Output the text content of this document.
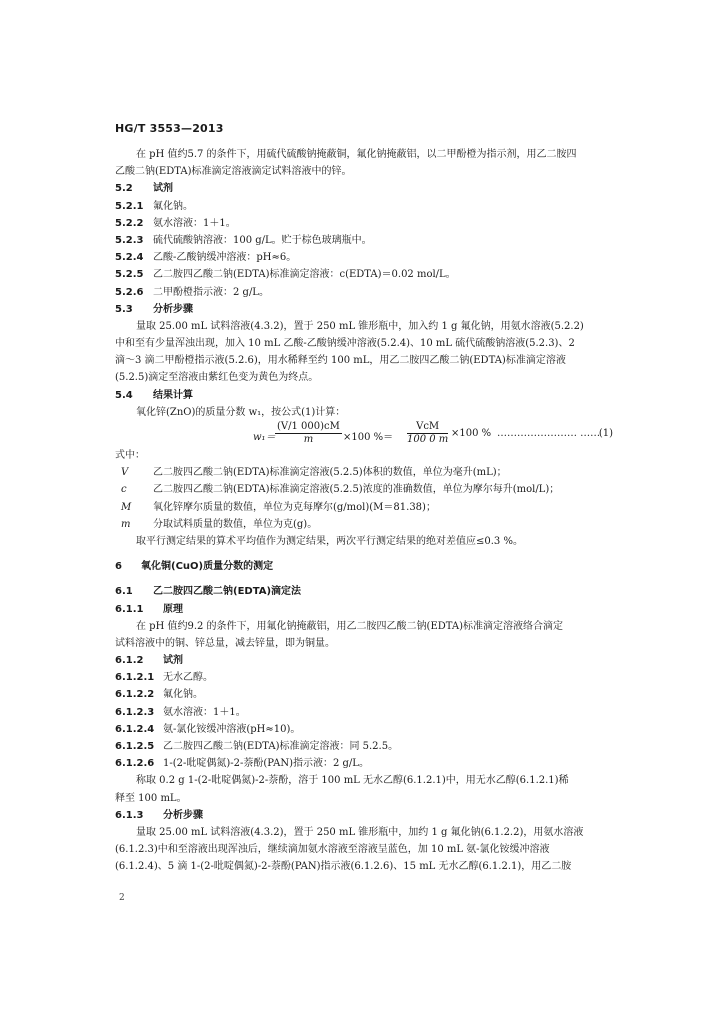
HG/T 3553—2013
在 pH 值约5.7 的条件下，用硫代硫酸钠掩蔽铜，氟化钠掩蔽铝，以二甲酚橙为指示剂，用乙二胺四
乙酸二钠(EDTA)标准滴定溶液滴定试料溶液中的锌。
5.2 试剂
5.2.1 氟化钠。
5.2.2 氨水溶液：1＋1。
5.2.3 硫代硫酸钠溶液：100 g/L。贮于棕色玻璃瓶中。
5.2.4 乙酸-乙酸钠缓冲溶液：pH≈6。
5.2.5 乙二胺四乙酸二钠(EDTA)标准滴定溶液：c(EDTA)＝0.02 mol/L。
5.2.6 二甲酚橙指示液：2 g/L。
5.3 分析步骤
量取 25.00 mL 试料溶液(4.3.2)，置于 250 mL 锥形瓶中，加入约 1 g 氟化钠，用氨水溶液(5.2.2)
中和至有少量浑浊出现，加入 10 mL 乙酸-乙酸钠缓冲溶液(5.2.4)、10 mL 硫代硫酸钠溶液(5.2.3)、2
滴～3 滴二甲酚橙指示液(5.2.6)，用水稀释至约 100 mL，用乙二胺四乙酸二钠(EDTA)标准滴定溶液
(5.2.5)滴定至溶液由紫红色变为黄色为终点。
5.4 结果计算
氧化锌(ZnO)的质量分数 w₁，按公式(1)计算：
$w_1= \frac{(V/1 000)cM}{m} \times 100$ %＝
VcM
100 0 m
×100 % …………………… ……
(1)
式中：
V 乙二胺四乙酸二钠(EDTA)标准滴定溶液(5.2.5)体积的数值，单位为毫升(mL)；
c	乙二胺四乙酸二钠(EDTA)标准滴定溶液(5.2.5)浓度的准确数值，单位为摩尔每升(mol/L)；
M 氧化锌摩尔质量的数值，单位为克每摩尔(g/mol)(M＝81.38)；
m 分取试料质量的数值，单位为克(g)。
取平行测定结果的算术平均值作为测定结果，两次平行测定结果的绝对差值应≤0.3 %。
6 氧化铜(CuO)质量分数的测定
6.1 乙二胺四乙酸二钠(EDTA)滴定法
6.1.1 原理
在 pH 值约9.2 的条件下，用氟化钠掩蔽铝，用乙二胺四乙酸二钠(EDTA)标准滴定溶液络合滴定
试料溶液中的铜、锌总量，减去锌量，即为铜量。
6.1.2 试剂
6.1.2.1 无水乙醇。
6.1.2.2 氟化钠。
6.1.2.3 氨水溶液：1＋1。
6.1.2.4 氨-氯化铵缓冲溶液(pH≈10)。
6.1.2.5 乙二胺四乙酸二钠(EDTA)标准滴定溶液：同 5.2.5。
6.1.2.6 1-(2-吡啶偶氮)-2-萘酚(PAN)指示液：2 g/L。
称取 0.2 g 1-(2-吡啶偶氮)-2-萘酚，溶于 100 mL 无水乙醇(6.1.2.1)中，用无水乙醇(6.1.2.1)稀
释至 100 mL。
6.1.3 分析步骤
量取 25.00 mL 试料溶液(4.3.2)，置于 250 mL 锥形瓶中，加约 1 g 氟化钠(6.1.2.2)，用氨水溶液
(6.1.2.3)中和至溶液出现浑浊后，继续滴加氨水溶液至溶液呈蓝色，加 10 mL 氨-氯化铵缓冲溶液
(6.1.2.4)、5 滴 1-(2-吡啶偶氮)-2-萘酚(PAN)指示液(6.1.2.6)、15 mL 无水乙醇(6.1.2.1)，用乙二胺
2
